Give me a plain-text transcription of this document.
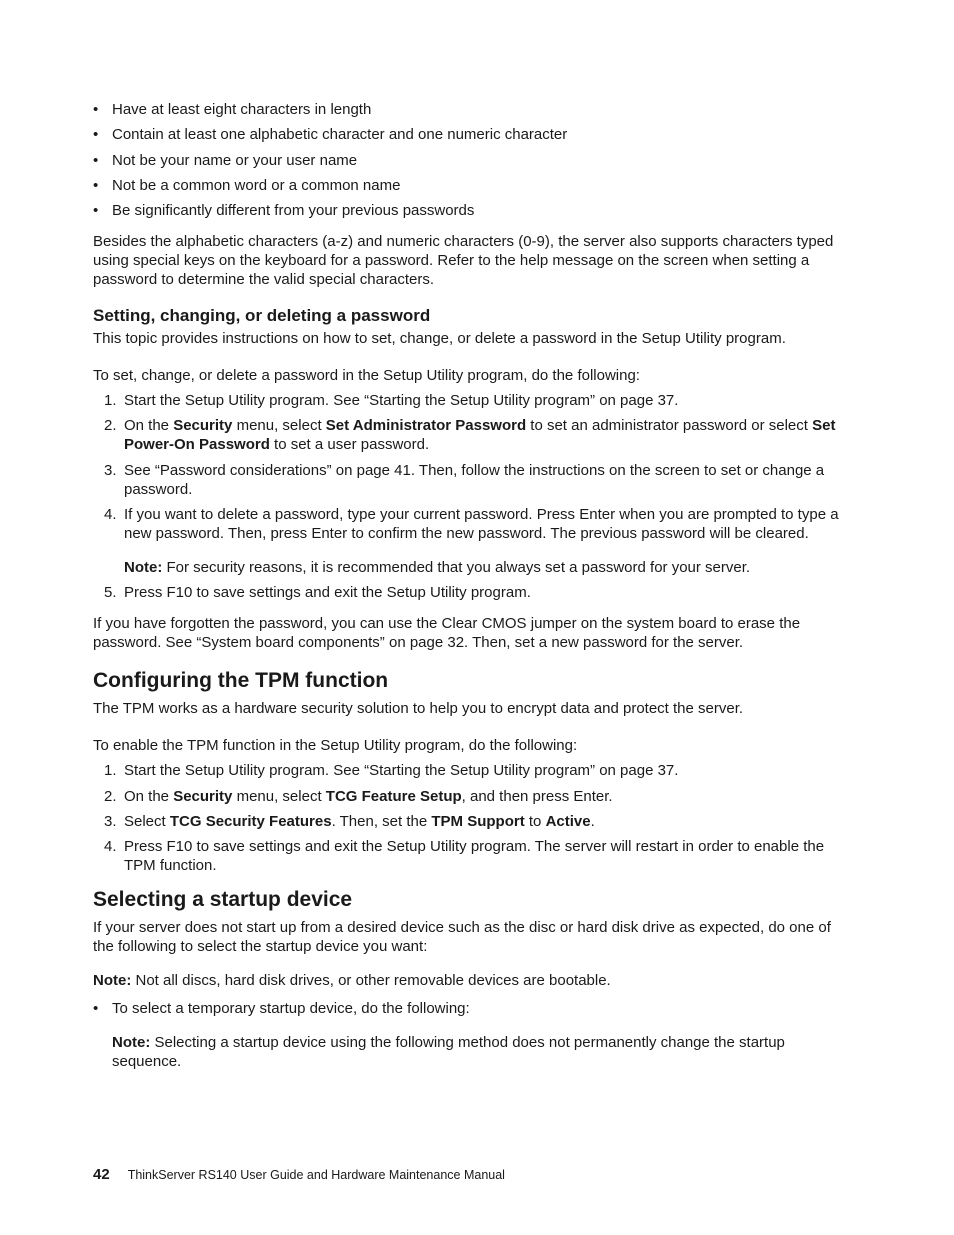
• Have at least eight characters in length
• Contain at least one alphabetic character and one numeric character
• Not be your name or your user name
• Not be a common word or a common name
• Be significantly different from your previous passwords

Besides the alphabetic characters (a-z) and numeric characters (0-9), the server also supports characters typed using special keys on the keyboard for a password. Refer to the help message on the screen when setting a password to determine the valid special characters.

Setting, changing, or deleting a password

This topic provides instructions on how to set, change, or delete a password in the Setup Utility program.

To set, change, or delete a password in the Setup Utility program, do the following:

1. Start the Setup Utility program. See “Starting the Setup Utility program” on page 37.
2. On the Security menu, select Set Administrator Password to set an administrator password or select Set Power-On Password to set a user password.
3. See “Password considerations” on page 41. Then, follow the instructions on the screen to set or change a password.
4. If you want to delete a password, type your current password. Press Enter when you are prompted to type a new password. Then, press Enter to confirm the new password. The previous password will be cleared.

Note: For security reasons, it is recommended that you always set a password for your server.

5. Press F10 to save settings and exit the Setup Utility program.

If you have forgotten the password, you can use the Clear CMOS jumper on the system board to erase the password. See “System board components” on page 32. Then, set a new password for the server.

Configuring the TPM function

The TPM works as a hardware security solution to help you to encrypt data and protect the server.

To enable the TPM function in the Setup Utility program, do the following:

1. Start the Setup Utility program. See “Starting the Setup Utility program” on page 37.
2. On the Security menu, select TCG Feature Setup, and then press Enter.
3. Select TCG Security Features. Then, set the TPM Support to Active.
4. Press F10 to save settings and exit the Setup Utility program. The server will restart in order to enable the TPM function.
Selecting a startup device

If your server does not start up from a desired device such as the disc or hard disk drive as expected, do one of the following to select the startup device you want:

Note: Not all discs, hard disk drives, or other removable devices are bootable.

• To select a temporary startup device, do the following:

Note: Selecting a startup device using the following method does not permanently change the startup sequence.

42 ThinkServer RS140 User Guide and Hardware Maintenance Manual
